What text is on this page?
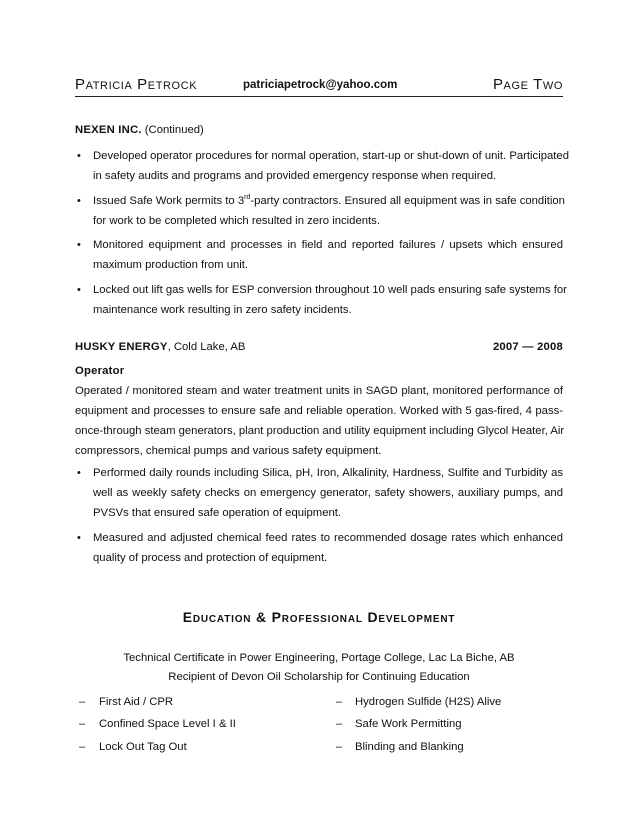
Patricia Petrock	patriciapetrock@yahoo.com	Page Two
NEXEN INC. (Continued)
• Developed operator procedures for normal operation, start-up or shut-down of unit. Participated
in safety audits and programs and provided emergency response when required.
• Issued Safe Work permits to 3rd-party contractors. Ensured all equipment was in safe condition
for work to be completed which resulted in zero incidents.
• Monitored equipment and processes in field and reported failures / upsets which ensured
maximum production from unit.
• Locked out lift gas wells for ESP conversion throughout 10 well pads ensuring safe systems for
maintenance work resulting in zero safety incidents.
HUSKY ENERGY, Cold Lake, AB	2007 — 2008
Operator
Operated / monitored steam and water treatment units in SAGD plant, monitored performance of
equipment and processes to ensure safe and reliable operation. Worked with 5 gas-fired, 4 pass-
once-through steam generators, plant production and utility equipment including Glycol Heater, Air
compressors, chemical pumps and various safety equipment.
• Performed daily rounds including Silica, pH, Iron, Alkalinity, Hardness, Sulfite and Turbidity as
well as weekly safety checks on emergency generator, safety showers, auxiliary pumps, and
PVSVs that ensured safe operation of equipment.
• Measured and adjusted chemical feed rates to recommended dosage rates which enhanced
quality of process and protection of equipment.
Education & Professional Development
Technical Certificate in Power Engineering, Portage College, Lac La Biche, AB
Recipient of Devon Oil Scholarship for Continuing Education
– First Aid / CPR
– Confined Space Level I & II
– Lock Out Tag Out
– Hydrogen Sulfide (H2S) Alive
– Safe Work Permitting
– Blinding and Blanking
